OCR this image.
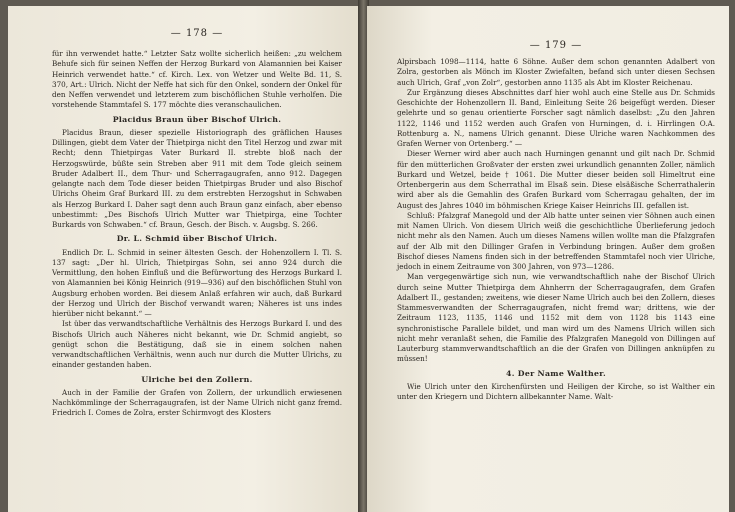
— 178 —

für ihn verwendet hatte.“ Letzter Satz wollte sicherlich heißen: „zu welchem Behufe sich für seinen Neffen der Herzog Burkard von Alamannien bei Kaiser Heinrich verwendet hatte.“ cf. Kirch. Lex. von Wetzer und Welte Bd. 11, S. 370, Art.: Ulrich. Nicht der Neffe hat sich für den Onkel, sondern der Onkel für den Neffen verwendet und letzterem zum bischöflichen Stuhle verholfen. Die vorstehende Stammtafel S. 177 möchte dies veranschaulichen.

Placidus Braun über Bischof Ulrich.

Placidus Braun, dieser spezielle Historiograph des gräflichen Hauses Dillingen, giebt dem Vater der Thietpirga nicht den Titel Herzog und zwar mit Recht; denn Thietpirgas Vater Burkard II. strebte bloß nach der Herzogswürde, büßte sein Streben aber 911 mit dem Tode gleich seinem Bruder Adalbert II., dem Thur- und Scherragaugrafen, anno 912. Dagegen gelangte nach dem Tode dieser beiden Thietpirgas Bruder und also Bischof Ulrichs Oheim Graf Burkard III. zu dem erstrebten Herzogshut in Schwaben als Herzog Burkard I. Daher sagt denn auch Braun ganz einfach, aber ebenso unbestimmt: „Des Bischofs Ulrich Mutter war Thietpirga, eine Tochter Burkards von Schwaben.“ cf. Braun, Gesch. der Bisch. v. Augsbg. S. 266.

Dr. L. Schmid über Bischof Ulrich.

Endlich Dr. L. Schmid in seiner ältesten Gesch. der Hohenzollern I. Tl. S. 137 sagt: „Der hl. Ulrich, Thietpirgas Sohn, sei anno 924 durch die Vermittlung, den hohen Einfluß und die Befürwortung des Herzogs Burkard I. von Alamannien bei König Heinrich (919—936) auf den bischöflichen Stuhl von Augsburg erhoben worden. Bei diesem Anlaß erfahren wir auch, daß Burkard der Herzog und Ulrich der Bischof verwandt waren; Näheres ist uns indes hierüber nicht bekannt.“ —

Ist über das verwandtschaftliche Verhältnis des Herzogs Burkard I. und des Bischofs Ulrich auch Näheres nicht bekannt, wie Dr. Schmid angiebt, so genügt schon die Bestätigung, daß sie in einem solchen nahen verwandtschaftlichen Verhältnis, wenn auch nur durch die Mutter Ulrichs, zu einander gestanden haben.

Ulriche bei den Zollern.

Auch in der Familie der Grafen von Zollern, der urkundlich erwiesenen Nachkömmlinge der Scherragaugrafen, ist der Name Ulrich nicht ganz fremd. Friedrich I. Comes de Zolra, erster Schirmvogt des Klosters

— 179 —

Alpirsbach 1098—1114, hatte 6 Söhne. Außer dem schon genannten Adalbert von Zolra, gestorben als Mönch im Kloster Zwiefalten, befand sich unter diesen Sechsen auch Ulrich, Graf „von Zolr“, gestorben anno 1135 als Abt im Kloster Reichenau.

Zur Ergänzung dieses Abschnittes darf hier wohl auch eine Stelle aus Dr. Schmids Geschichte der Hohenzollern II. Band, Einleitung Seite 26 beigefügt werden. Dieser gelehrte und so genau orientierte Forscher sagt nämlich daselbst: „Zu den Jahren 1122, 1146 und 1152 werden auch Grafen von Hurningen, d. i. Hirrlingen O.A. Rottenburg a. N., namens Ulrich genannt. Diese Ulriche waren Nachkommen des Grafen Werner von Ortenberg.“ —

Dieser Werner wird aber auch nach Hurningen genannt und gilt nach Dr. Schmid für den mütterlichen Großvater der ersten zwei urkundlich genannten Zoller, nämlich Burkard und Wetzel, beide † 1061. Die Mutter dieser beiden soll Himeltrut eine Ortenbergerin aus dem Scherrathal im Elsaß sein. Diese elsäßische Scherrathalerin wird aber als die Gemahlin des Grafen Burkard vom Scherragau gehalten, der im August des Jahres 1040 im böhmischen Kriege Kaiser Heinrichs III. gefallen ist.

Schluß: Pfalzgraf Manegold und der Alb hatte unter seinen vier Söhnen auch einen mit Namen Ulrich. Von diesem Ulrich weiß die geschichtliche Überlieferung jedoch nicht mehr als den Namen. Auch um dieses Namens willen wollte man die Pfalzgrafen auf der Alb mit den Dillinger Grafen in Verbindung bringen. Außer dem großen Bischof dieses Namens finden sich in der betreffenden Stammtafel noch vier Ulriche, jedoch in einem Zeitraume von 300 Jahren, von 973—1286.

Man vergegenwärtige sich nun, wie verwandtschaftlich nahe der Bischof Ulrich durch seine Mutter Thietpirga dem Ahnherrn der Scherragaugrafen, dem Grafen Adalbert II., gestanden; zweitens, wie dieser Name Ulrich auch bei den Zollern, dieses Stammesverwandten der Scherragaugrafen, nicht fremd war; drittens, wie der Zeitraum 1123, 1135, 1146 und 1152 mit dem von 1128 bis 1143 eine synchronistische Parallele bildet, und man wird um des Namens Ulrich willen sich nicht mehr veranlaßt sehen, die Familie des Pfalzgrafen Manegold von Dillingen auf Lauterburg stammverwandtschaftlich an die der Grafen von Dillingen anknüpfen zu müssen!

4. Der Name Walther.

Wie Ulrich unter den Kirchenfürsten und Heiligen der Kirche, so ist Walther ein unter den Kriegern und Dichtern allbekannter Name. Walt-
